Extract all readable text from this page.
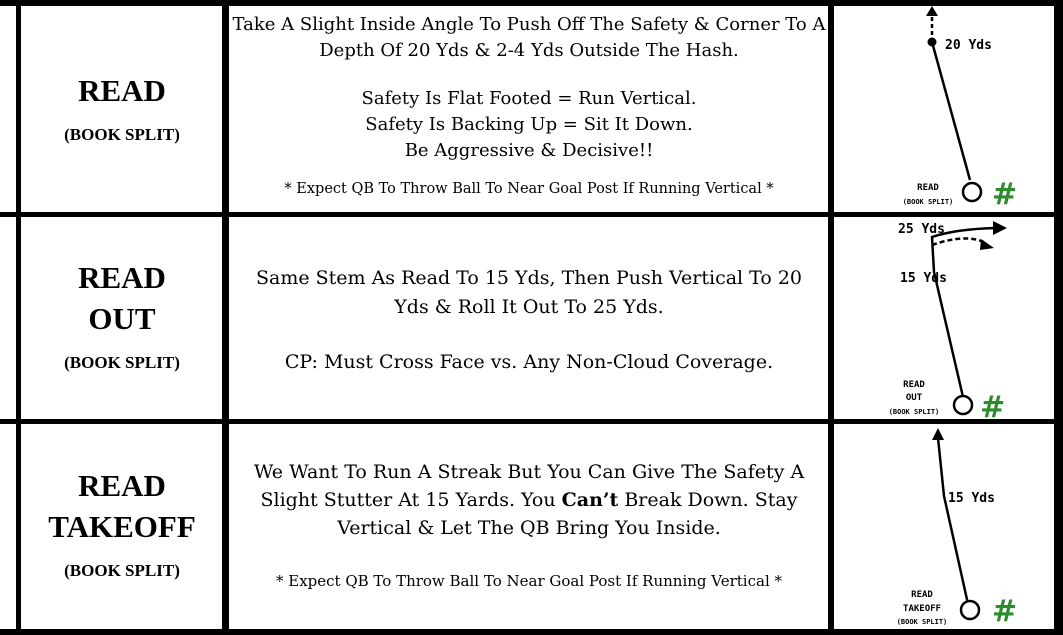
READ
(BOOK SPLIT)

Take A Slight Inside Angle To Push Off The Safety & Corner To A

Depth Of 20 Yds & 2-4 Yds Outside The Hash.

Safety Is Flat Footed = Run Vertical.

Safety Is Backing Up = Sit It Down.

Be Aggressive & Decisive!!

* Expect QB To Throw Ball To Near Goal Post If Running Vertical *

20 Yds
READ
(BOOK SPLIT) #
READ
OUT
(BOOK SPLIT)

Same Stem As Read To 15 Yds, Then Push Vertical To 20

Yds & Roll It Out To 25 Yds.

CP: Must Cross Face vs. Any Non-Cloud Coverage.

25 Yds
15 Yds
READ
OUT
(BOOK SPLIT) #
READ
TAKEOFF
(BOOK SPLIT)

We Want To Run A Streak But You Can Give The Safety A

Slight Stutter At 15 Yards. You Can’t Break Down. Stay

Vertical & Let The QB Bring You Inside.

* Expect QB To Throw Ball To Near Goal Post If Running Vertical *

15 Yds
READ
TAKEOFF
(BOOK SPLIT) #
